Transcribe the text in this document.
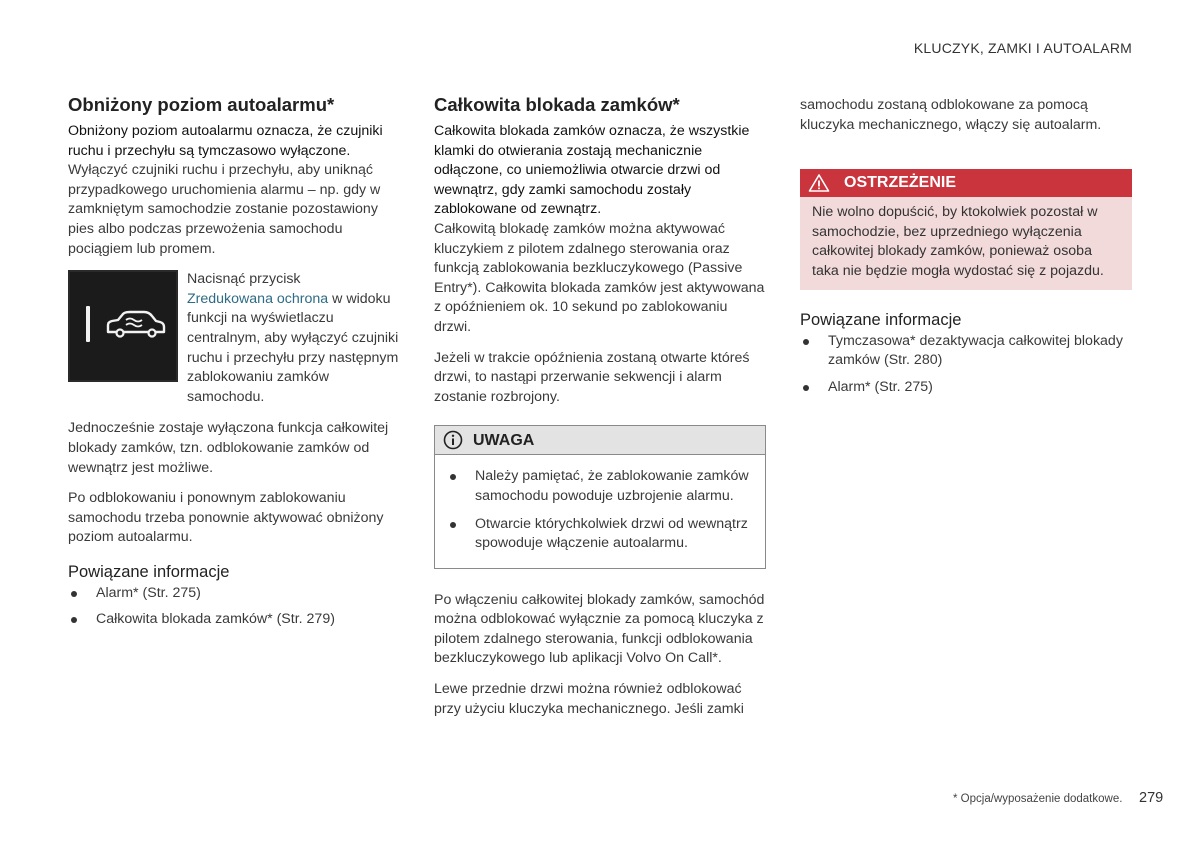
KLUCZYK, ZAMKI I AUTOALARM
Obniżony poziom autoalarmu*

Obniżony poziom autoalarmu oznacza, że czujniki ruchu i przechyłu są tymczasowo wyłączone.

Wyłączyć czujniki ruchu i przechyłu, aby uniknąć przypadkowego uruchomienia alarmu – np. gdy w zamkniętym samochodzie zostanie pozostawiony pies albo podczas przewożenia samochodu pociągiem lub promem.

Nacisnąć przycisk
Zredukowana ochrona w widoku funkcji na wyświetlaczu centralnym, aby wyłączyć czujniki ruchu i przechyłu przy następnym zablokowaniu zamków samochodu.

Jednocześnie zostaje wyłączona funkcja całkowitej blokady zamków, tzn. odblokowanie zamków od wewnątrz jest możliwe.

Po odblokowaniu i ponownym zablokowaniu samochodu trzeba ponownie aktywować obniżony poziom autoalarmu.

Powiązane informacje
Alarm* (Str. 275)
Całkowita blokada zamków* (Str. 279)
Całkowita blokada zamków*

Całkowita blokada zamków oznacza, że wszystkie klamki do otwierania zostają mechanicznie odłączone, co uniemożliwia otwarcie drzwi od wewnątrz, gdy zamki samochodu zostały zablokowane od zewnątrz.

Całkowitą blokadę zamków można aktywować kluczykiem z pilotem zdalnego sterowania oraz funkcją zablokowania bezkluczykowego (Passive Entry*). Całkowita blokada zamków jest aktywowana z opóźnieniem ok. 10 sekund po zablokowaniu drzwi.

Jeżeli w trakcie opóźnienia zostaną otwarte któreś drzwi, to nastąpi przerwanie sekwencji i alarm zostanie rozbrojony.

UWAGA
Należy pamiętać, że zablokowanie zamków samochodu powoduje uzbrojenie alarmu.
Otwarcie którychkolwiek drzwi od wewnątrz spowoduje włączenie autoalarmu.

Po włączeniu całkowitej blokady zamków, samochód można odblokować wyłącznie za pomocą kluczyka z pilotem zdalnego sterowania, funkcji odblokowania bezkluczykowego lub aplikacji Volvo On Call*.

Lewe przednie drzwi można również odblokować przy użyciu kluczyka mechanicznego. Jeśli zamki

samochodu zostaną odblokowane za pomocą kluczyka mechanicznego, włączy się autoalarm.

OSTRZEŻENIE
Nie wolno dopuścić, by ktokolwiek pozostał w samochodzie, bez uprzedniego wyłączenia całkowitej blokady zamków, ponieważ osoba taka nie będzie mogła wydostać się z pojazdu.
Powiązane informacje
Tymczasowa* dezaktywacja całkowitej blokady zamków (Str. 280)
Alarm* (Str. 275)
* Opcja/wyposażenie dodatkowe. 279
